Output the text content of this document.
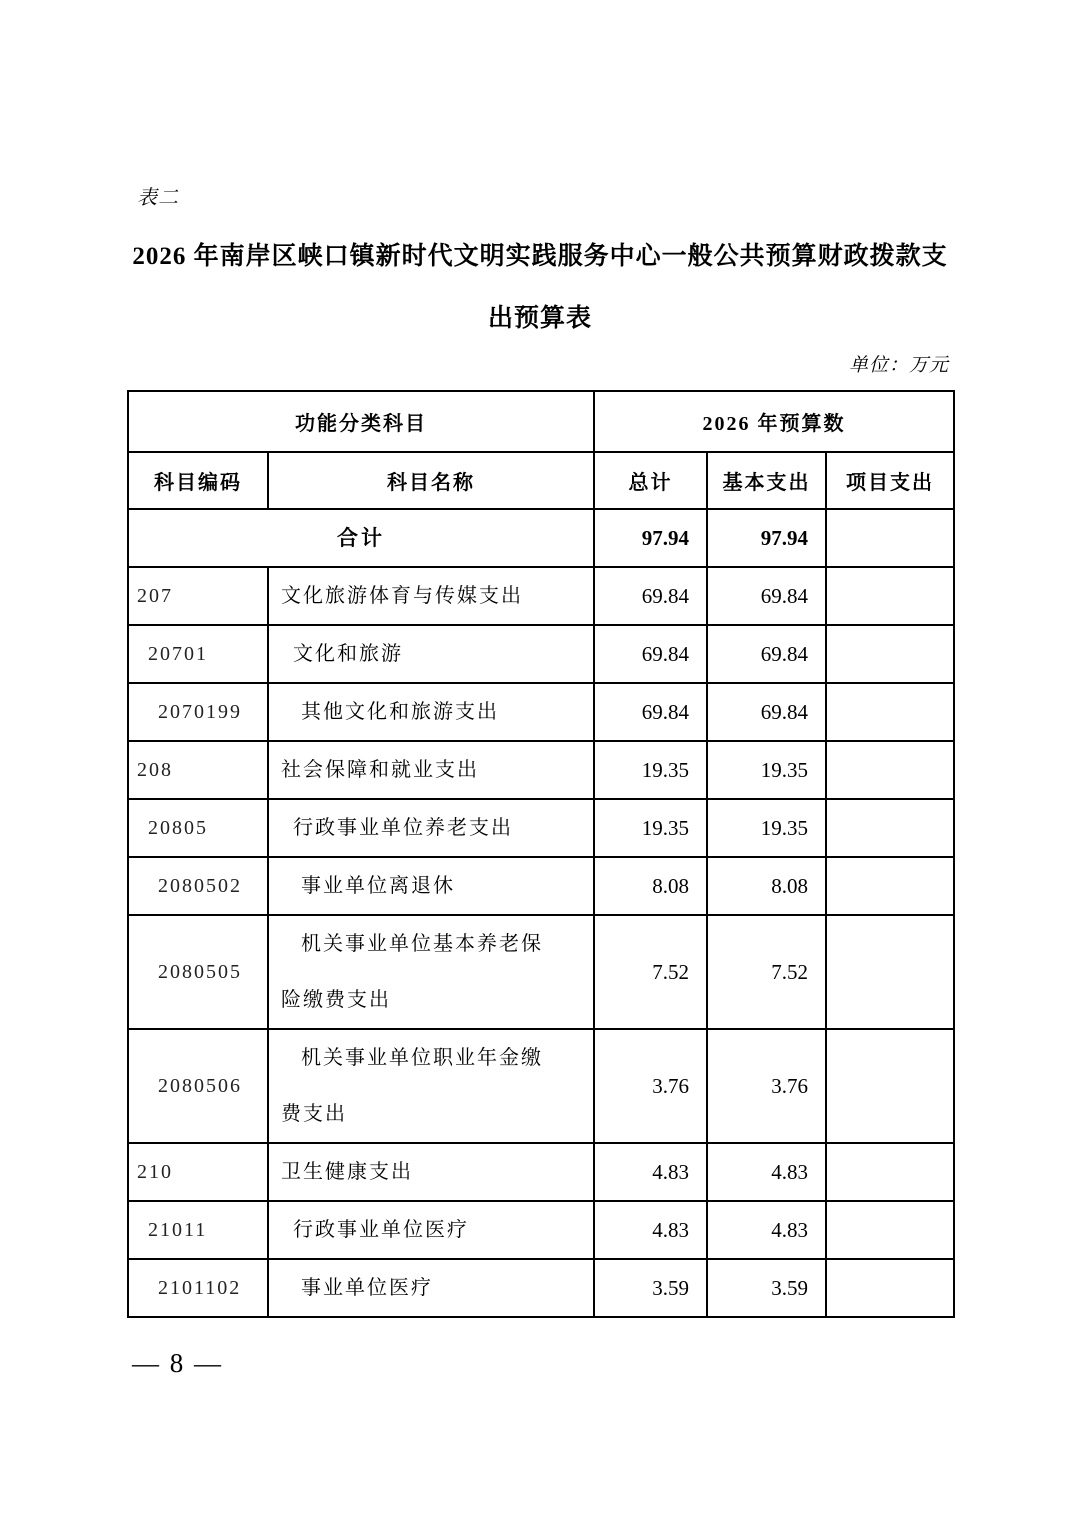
表二
2026 年南岸区峡口镇新时代文明实践服务中心一般公共预算财政拨款支
出预算表
单位：万元
功能分类科目		2026 年预算数		
科目编码	科目名称	总计	基本支出	项目支出
合计		97.94	97.94	
207	文化旅游体育与传媒支出	69.84	69.84	
20701	文化和旅游	69.84	69.84	
2070199	其他文化和旅游支出	69.84	69.84	
208	社会保障和就业支出	19.35	19.35	
20805	行政事业单位养老支出	19.35	19.35	
2080502	事业单位离退休	8.08	8.08	
2080505	机关事业单位基本养老保险缴费支出	7.52	7.52	
2080506	机关事业单位职业年金缴费支出	3.76	3.76	
210	卫生健康支出	4.83	4.83	
21011	行政事业单位医疗	4.83	4.83	
2101102	事业单位医疗	3.59	3.59	
— 8 —
